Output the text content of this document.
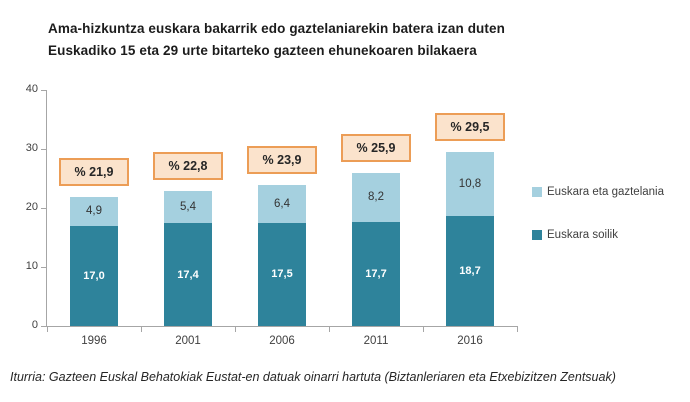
Ama-hizkuntza euskara bakarrik edo gaztelaniarekin batera izan duten
Euskadiko 15 eta 29 urte bitarteko gazteen ehunekoaren bilakaera
0
10
20
30
40
17,0
4,9
% 21,9
1996
17,4
5,4
% 22,8
2001
17,5
6,4
% 23,9
2006
17,7
8,2
% 25,9
2011
18,7
10,8
% 29,5
2016
Euskara eta gaztelania
Euskara soilik
Iturria: Gazteen Euskal Behatokiak Eustat-en datuak oinarri hartuta (Biztanleriaren eta Etxebizitzen Zentsuak)
